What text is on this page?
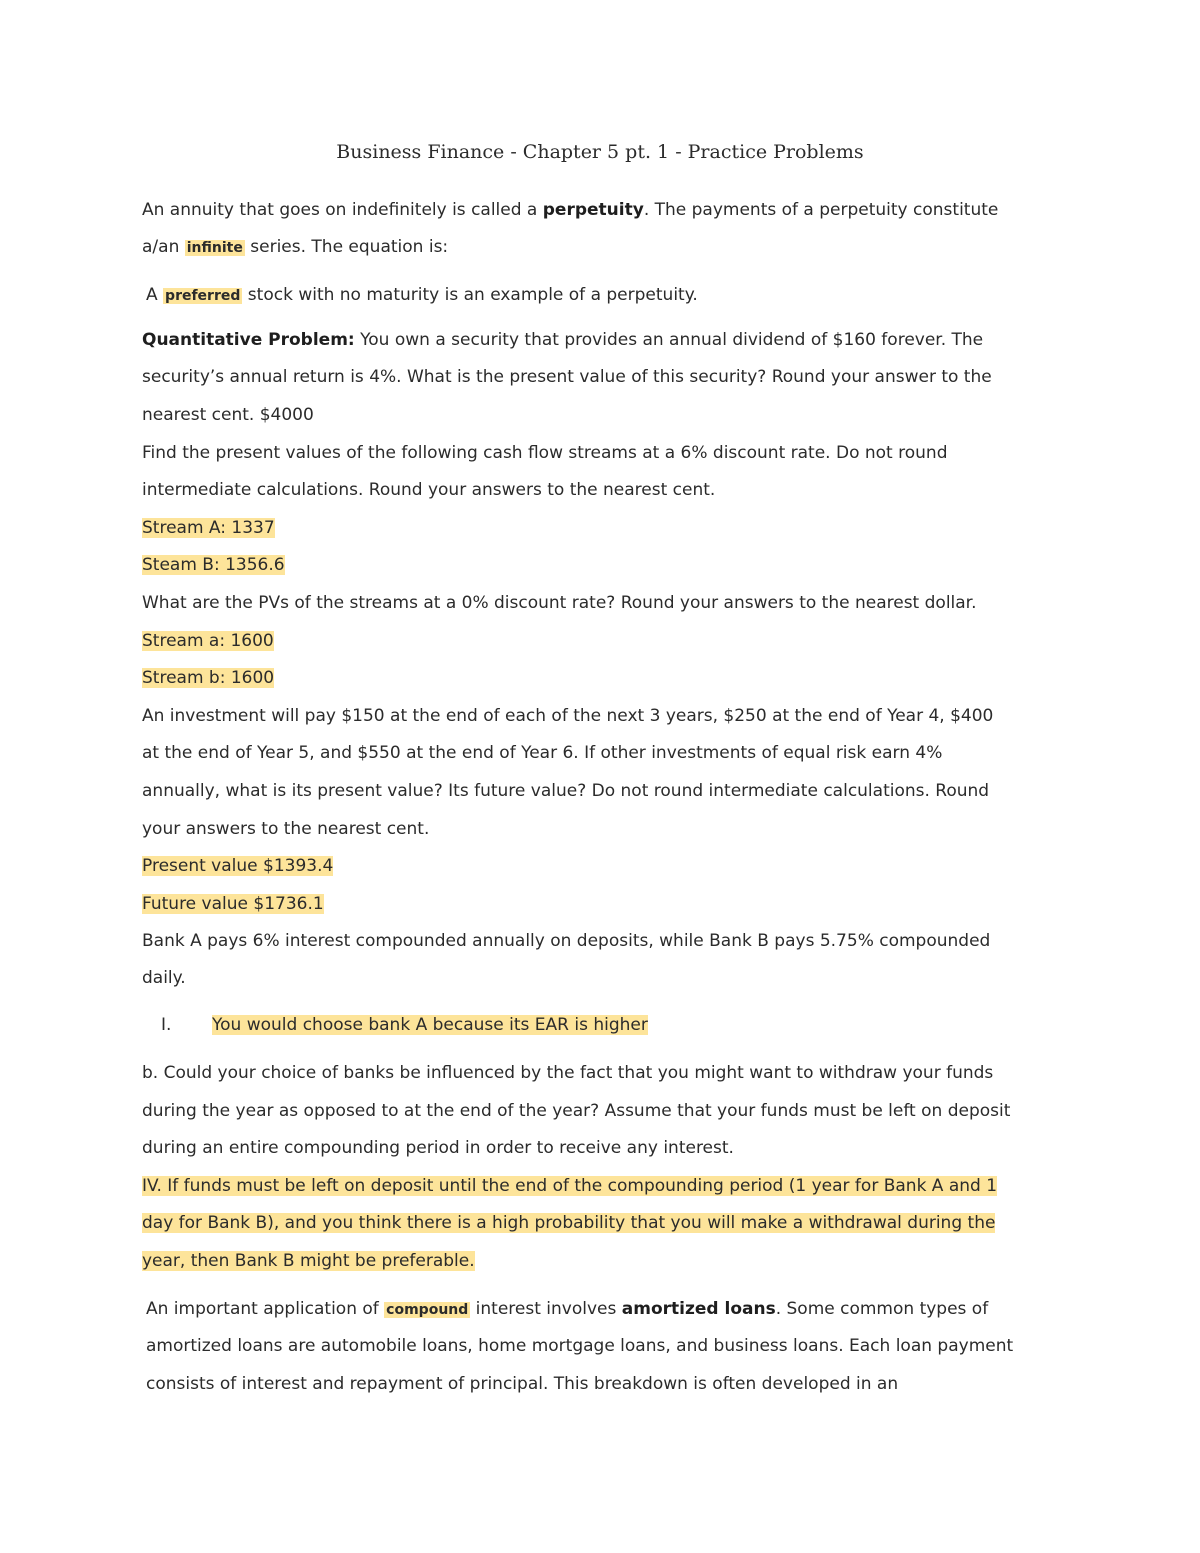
Business Finance - Chapter 5 pt. 1 - Practice Problems
An annuity that goes on indefinitely is called a perpetuity. The payments of a perpetuity constitute
a/an infinite series. The equation is:
A preferred stock with no maturity is an example of a perpetuity.
Quantitative Problem: You own a security that provides an annual dividend of $160 forever. The
security’s annual return is 4%. What is the present value of this security? Round your answer to the
nearest cent. $4000
Find the present values of the following cash flow streams at a 6% discount rate. Do not round
intermediate calculations. Round your answers to the nearest cent.
Stream A: 1337
Steam B: 1356.6
What are the PVs of the streams at a 0% discount rate? Round your answers to the nearest dollar.
Stream a: 1600
Stream b: 1600
An investment will pay $150 at the end of each of the next 3 years, $250 at the end of Year 4, $400
at the end of Year 5, and $550 at the end of Year 6. If other investments of equal risk earn 4%
annually, what is its present value? Its future value? Do not round intermediate calculations. Round
your answers to the nearest cent.
Present value $1393.4
Future value $1736.1
Bank A pays 6% interest compounded annually on deposits, while Bank B pays 5.75% compounded
daily.
I. You would choose bank A because its EAR is higher
b. Could your choice of banks be influenced by the fact that you might want to withdraw your funds
during the year as opposed to at the end of the year? Assume that your funds must be left on deposit
during an entire compounding period in order to receive any interest.
IV. If funds must be left on deposit until the end of the compounding period (1 year for Bank A and 1
day for Bank B), and you think there is a high probability that you will make a withdrawal during the
year, then Bank B might be preferable.
An important application of compound interest involves amortized loans. Some common types of
amortized loans are automobile loans, home mortgage loans, and business loans. Each loan payment
consists of interest and repayment of principal. This breakdown is often developed in an
